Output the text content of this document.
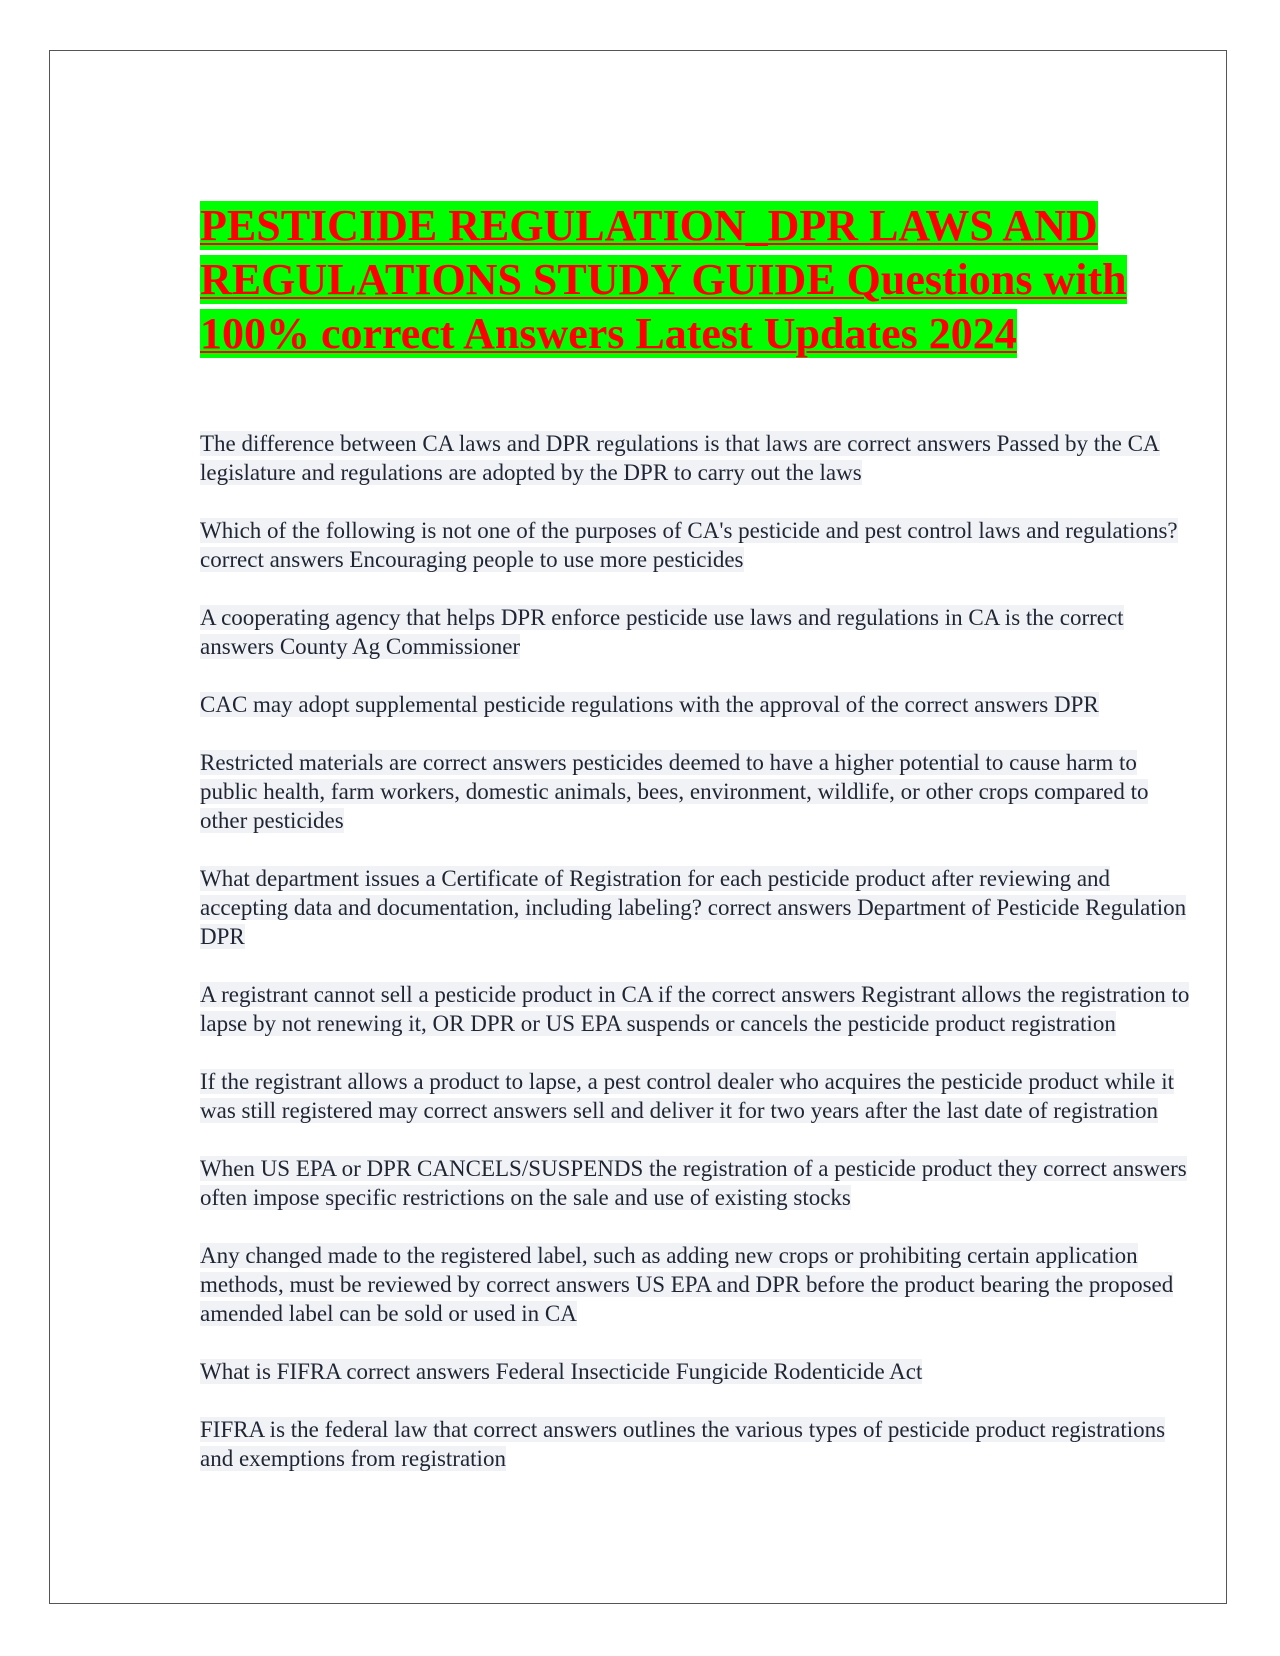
PESTICIDE REGULATION_DPR LAWS AND REGULATIONS STUDY GUIDE Questions with 100% correct Answers Latest Updates 2024

The difference between CA laws and DPR regulations is that laws are correct answers Passed by the CA legislature and regulations are adopted by the DPR to carry out the laws

Which of the following is not one of the purposes of CA's pesticide and pest control laws and regulations? correct answers Encouraging people to use more pesticides

A cooperating agency that helps DPR enforce pesticide use laws and regulations in CA is the correct answers County Ag Commissioner

CAC may adopt supplemental pesticide regulations with the approval of the correct answers DPR

Restricted materials are correct answers pesticides deemed to have a higher potential to cause harm to public health, farm workers, domestic animals, bees, environment, wildlife, or other crops compared to other pesticides

What department issues a Certificate of Registration for each pesticide product after reviewing and accepting data and documentation, including labeling? correct answers Department of Pesticide Regulation DPR

A registrant cannot sell a pesticide product in CA if the correct answers Registrant allows the registration to lapse by not renewing it, OR DPR or US EPA suspends or cancels the pesticide product registration

If the registrant allows a product to lapse, a pest control dealer who acquires the pesticide product while it was still registered may correct answers sell and deliver it for two years after the last date of registration

When US EPA or DPR CANCELS/SUSPENDS the registration of a pesticide product they correct answers often impose specific restrictions on the sale and use of existing stocks

Any changed made to the registered label, such as adding new crops or prohibiting certain application methods, must be reviewed by correct answers US EPA and DPR before the product bearing the proposed amended label can be sold or used in CA

What is FIFRA correct answers Federal Insecticide Fungicide Rodenticide Act

FIFRA is the federal law that correct answers outlines the various types of pesticide product registrations and exemptions from registration
